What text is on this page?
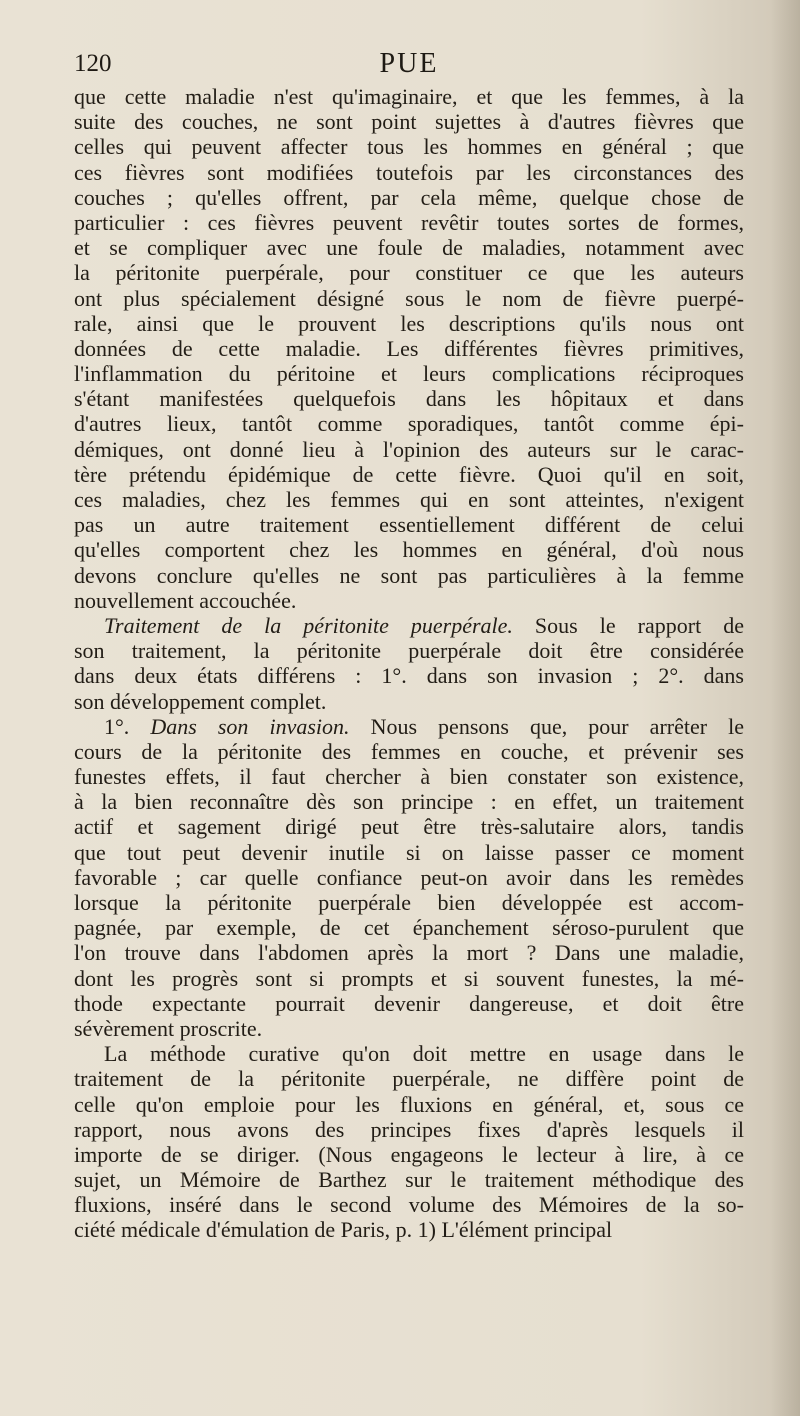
120	PUE
que cette maladie n'est qu'imaginaire, et que les femmes, à la
suite des couches, ne sont point sujettes à d'autres fièvres que
celles qui peuvent affecter tous les hommes en général ; que
ces fièvres sont modifiées toutefois par les circonstances des
couches ; qu'elles offrent, par cela même, quelque chose de
particulier : ces fièvres peuvent revêtir toutes sortes de formes,
et se compliquer avec une foule de maladies, notamment avec
la péritonite puerpérale, pour constituer ce que les auteurs
ont plus spécialement désigné sous le nom de fièvre puerpé-
rale, ainsi que le prouvent les descriptions qu'ils nous ont
données de cette maladie. Les différentes fièvres primitives,
l'inflammation du péritoine et leurs complications réciproques
s'étant manifestées quelquefois dans les hôpitaux et dans
d'autres lieux, tantôt comme sporadiques, tantôt comme épi-
démiques, ont donné lieu à l'opinion des auteurs sur le carac-
tère prétendu épidémique de cette fièvre. Quoi qu'il en soit,
ces maladies, chez les femmes qui en sont atteintes, n'exigent
pas un autre traitement essentiellement différent de celui
qu'elles comportent chez les hommes en général, d'où nous
devons conclure qu'elles ne sont pas particulières à la femme
nouvellement accouchée.
Traitement de la péritonite puerpérale. Sous le rapport de
son traitement, la péritonite puerpérale doit être considérée
dans deux états différens : 1°. dans son invasion ; 2°. dans
son développement complet.
1°. Dans son invasion. Nous pensons que, pour arrêter le
cours de la péritonite des femmes en couche, et prévenir ses
funestes effets, il faut chercher à bien constater son existence,
à la bien reconnaître dès son principe : en effet, un traitement
actif et sagement dirigé peut être très-salutaire alors, tandis
que tout peut devenir inutile si on laisse passer ce moment
favorable ; car quelle confiance peut-on avoir dans les remèdes
lorsque la péritonite puerpérale bien développée est accom-
pagnée, par exemple, de cet épanchement séroso-purulent que
l'on trouve dans l'abdomen après la mort ? Dans une maladie,
dont les progrès sont si prompts et si souvent funestes, la mé-
thode expectante pourrait devenir dangereuse, et doit être
sévèrement proscrite.
La méthode curative qu'on doit mettre en usage dans le
traitement de la péritonite puerpérale, ne diffère point de
celle qu'on emploie pour les fluxions en général, et, sous ce
rapport, nous avons des principes fixes d'après lesquels il
importe de se diriger. (Nous engageons le lecteur à lire, à ce
sujet, un Mémoire de Barthez sur le traitement méthodique des
fluxions, inséré dans le second volume des Mémoires de la so-
ciété médicale d'émulation de Paris, p. 1) L'élément principal
